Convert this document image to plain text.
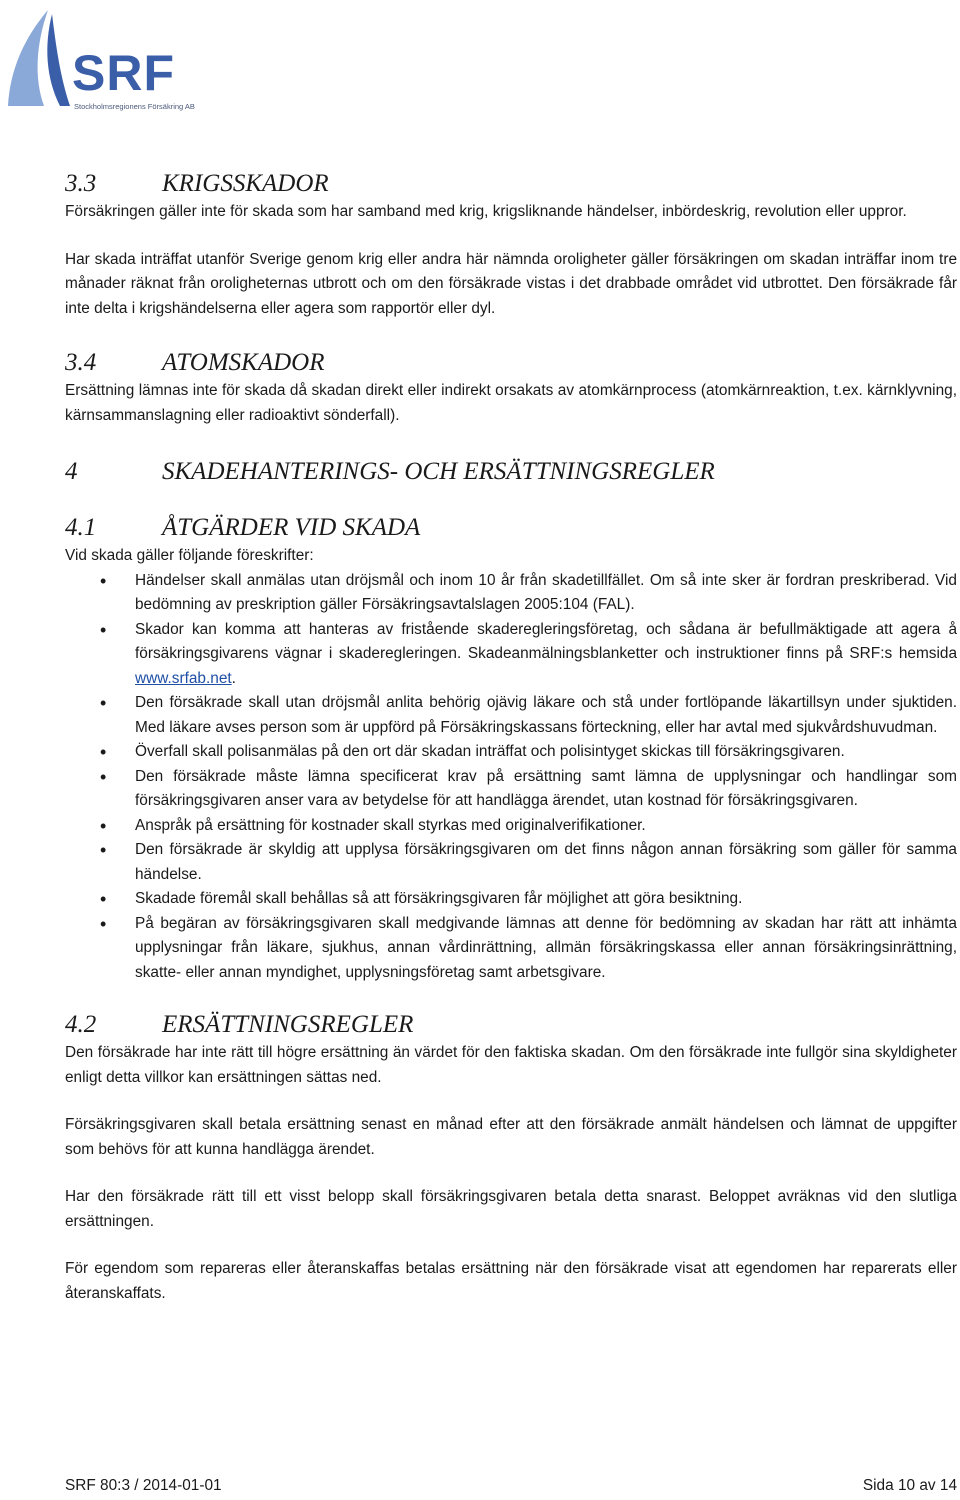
SRF
Stockholmsregionens Försäkring AB
3.3	KRIGSSKADOR

Försäkringen gäller inte för skada som har samband med krig, krigsliknande händelser, inbördeskrig, revolution eller uppror.

Har skada inträffat utanför Sverige genom krig eller andra här nämnda oroligheter gäller försäkringen om skadan inträffar inom tre månader räknat från oroligheternas utbrott och om den försäkrade vistas i det drabbade området vid utbrottet. Den försäkrade får inte delta i krigshändelserna eller agera som rapportör eller dyl.

3.4	ATOMSKADOR

Ersättning lämnas inte för skada då skadan direkt eller indirekt orsakats av atomkärnprocess (atomkärnreaktion, t.ex. kärnklyvning, kärnsammanslagning eller radioaktivt sönderfall).

4	SKADEHANTERINGS- OCH ERSÄTTNINGSREGLER
4.1	ÅTGÄRDER VID SKADA

Vid skada gäller följande föreskrifter:

• Händelser skall anmälas utan dröjsmål och inom 10 år från skadetillfället. Om så inte sker är fordran preskriberad. Vid bedömning av preskription gäller Försäkringsavtalslagen 2005:104 (FAL).
• Skador kan komma att hanteras av fristående skaderegleringsföretag, och sådana är befullmäktigade att agera å försäkringsgivarens vägnar i skaderegleringen. Skadeanmälningsblanketter och instruktioner finns på SRF:s hemsida www.srfab.net.
• Den försäkrade skall utan dröjsmål anlita behörig ojävig läkare och stå under fortlöpande läkartillsyn under sjuktiden. Med läkare avses person som är uppförd på Försäkringskassans förteckning, eller har avtal med sjukvårdshuvudman.
• Överfall skall polisanmälas på den ort där skadan inträffat och polisintyget skickas till försäkringsgivaren.
• Den försäkrade måste lämna specificerat krav på ersättning samt lämna de upplysningar och handlingar som försäkringsgivaren anser vara av betydelse för att handlägga ärendet, utan kostnad för försäkringsgivaren.
• Anspråk på ersättning för kostnader skall styrkas med originalverifikationer.
• Den försäkrade är skyldig att upplysa försäkringsgivaren om det finns någon annan försäkring som gäller för samma händelse.
• Skadade föremål skall behållas så att försäkringsgivaren får möjlighet att göra besiktning.
• På begäran av försäkringsgivaren skall medgivande lämnas att denne för bedömning av skadan har rätt att inhämta upplysningar från läkare, sjukhus, annan vårdinrättning, allmän försäkringskassa eller annan försäkringsinrättning, skatte- eller annan myndighet, upplysningsföretag samt arbetsgivare.
4.2	ERSÄTTNINGSREGLER

Den försäkrade har inte rätt till högre ersättning än värdet för den faktiska skadan. Om den försäkrade inte fullgör sina skyldigheter enligt detta villkor kan ersättningen sättas ned.

Försäkringsgivaren skall betala ersättning senast en månad efter att den försäkrade anmält händelsen och lämnat de uppgifter som behövs för att kunna handlägga ärendet.

Har den försäkrade rätt till ett visst belopp skall försäkringsgivaren betala detta snarast. Beloppet avräknas vid den slutliga ersättningen.

För egendom som repareras eller återanskaffas betalas ersättning när den försäkrade visat att egendomen har reparerats eller återanskaffats.

SRF 80:3 / 2014-01-01	Sida 10 av 14
